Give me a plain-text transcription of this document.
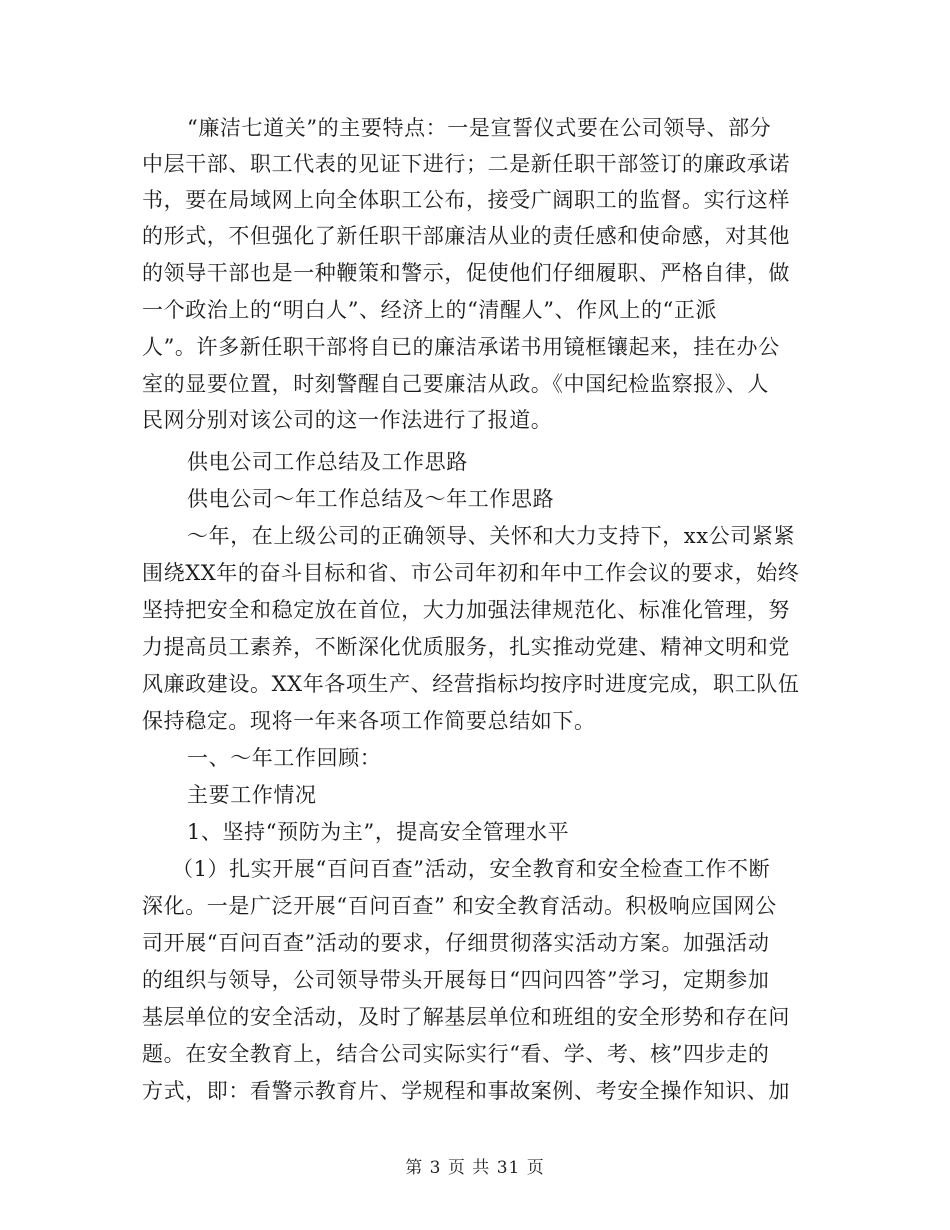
“廉洁七道关”的主要特点：一是宣誓仪式要在公司领导、部分
中层干部、职工代表的见证下进行；二是新任职干部签订的廉政承诺
书，要在局域网上向全体职工公布，接受广阔职工的监督。实行这样
的形式，不但强化了新任职干部廉洁从业的责任感和使命感，对其他
的领导干部也是一种鞭策和警示，促使他们仔细履职、严格自律，做
一个政治上的“明白人”、经济上的“清醒人”、作风上的“正派
人”。许多新任职干部将自已的廉洁承诺书用镜框镶起来，挂在办公
室的显要位置，时刻警醒自己要廉洁从政。《中国纪检监察报》、人
民网分别对该公司的这一作法进行了报道。
供电公司工作总结及工作思路
供电公司～年工作总结及～年工作思路
～年，在上级公司的正确领导、关怀和大力支持下，xx公司紧紧
围绕XX年的奋斗目标和省、市公司年初和年中工作会议的要求，始终
坚持把安全和稳定放在首位，大力加强法律规范化、标准化管理，努
力提高员工素养，不断深化优质服务，扎实推动党建、精神文明和党
风廉政建设。XX年各项生产、经营指标均按序时进度完成，职工队伍
保持稳定。现将一年来各项工作简要总结如下。
一、～年工作回顾：
主要工作情况
1、坚持“预防为主”，提高安全管理水平
（1）扎实开展“百问百查”活动，安全教育和安全检查工作不断
深化。一是广泛开展“百问百查” 和安全教育活动。积极响应国网公
司开展“百问百查”活动的要求，仔细贯彻落实活动方案。加强活动
的组织与领导，公司领导带头开展每日“四问四答”学习，定期参加
基层单位的安全活动，及时了解基层单位和班组的安全形势和存在问
题。在安全教育上，结合公司实际实行“看、学、考、核”四步走的
方式，即：看警示教育片、学规程和事故案例、考安全操作知识、加
第 3 页 共 31 页
